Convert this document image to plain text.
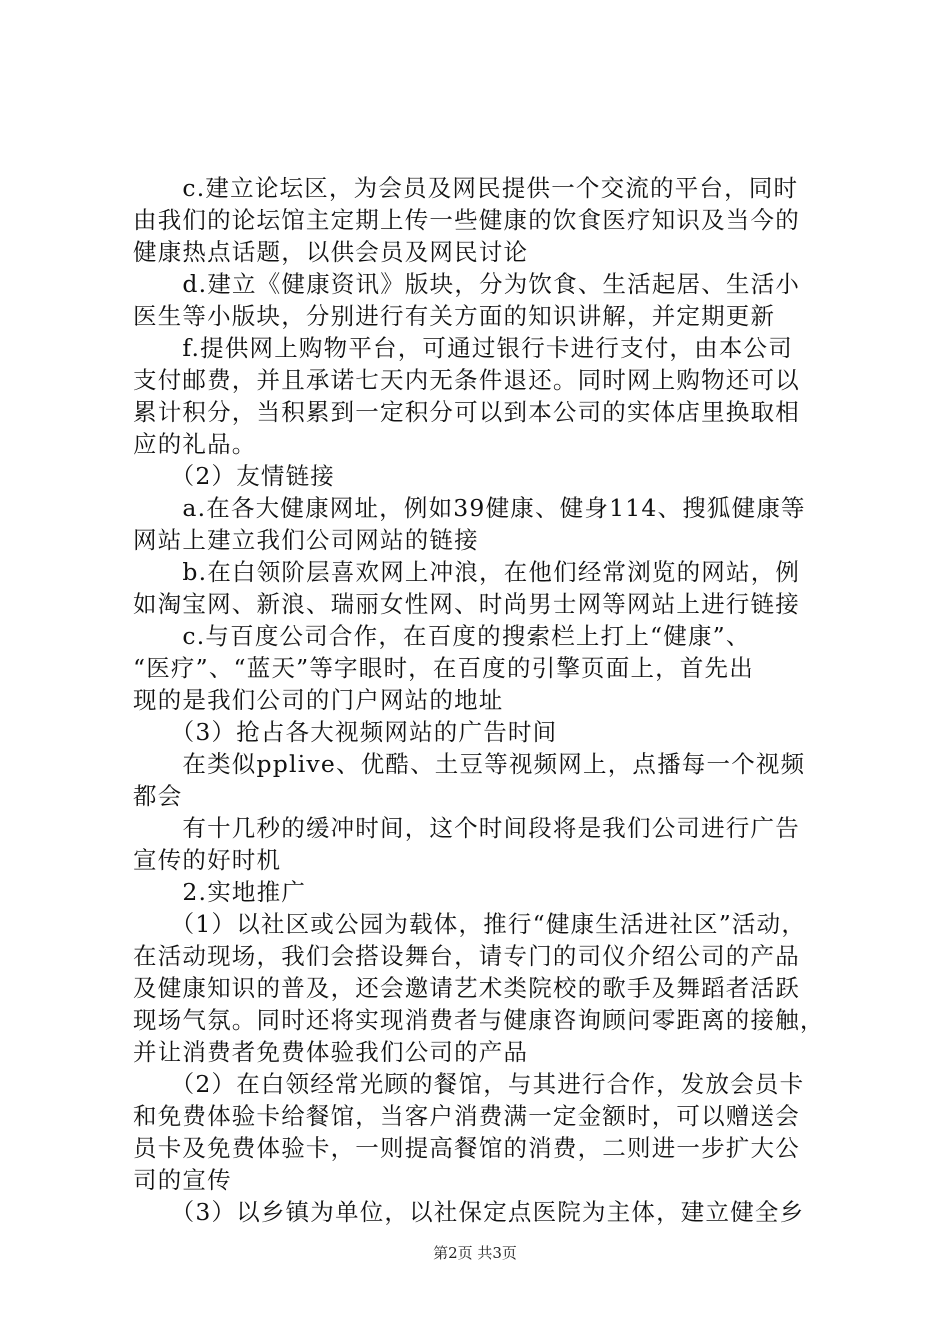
　　c.建立论坛区，为会员及网民提供一个交流的平台，同时
由我们的论坛馆主定期上传一些健康的饮食医疗知识及当今的
健康热点话题，以供会员及网民讨论
　　d.建立《健康资讯》版块，分为饮食、生活起居、生活小
医生等小版块，分别进行有关方面的知识讲解，并定期更新
　　f.提供网上购物平台，可通过银行卡进行支付，由本公司
支付邮费，并且承诺七天内无条件退还。同时网上购物还可以
累计积分，当积累到一定积分可以到本公司的实体店里换取相
应的礼品。
　　（2）友情链接
　　a.在各大健康网址，例如39健康、健身114、搜狐健康等
网站上建立我们公司网站的链接
　　b.在白领阶层喜欢网上冲浪，在他们经常浏览的网站，例
如淘宝网、新浪、瑞丽女性网、时尚男士网等网站上进行链接
　　c.与百度公司合作，在百度的搜索栏上打上“健康”、
“医疗”、“蓝天”等字眼时，在百度的引擎页面上，首先出
现的是我们公司的门户网站的地址
　　（3）抢占各大视频网站的广告时间
　　在类似pplive、优酷、土豆等视频网上，点播每一个视频
都会
　　有十几秒的缓冲时间，这个时间段将是我们公司进行广告
宣传的好时机
　　2.实地推广
　　（1）以社区或公园为载体，推行“健康生活进社区”活动，
在活动现场，我们会搭设舞台，请专门的司仪介绍公司的产品
及健康知识的普及，还会邀请艺术类院校的歌手及舞蹈者活跃
现场气氛。同时还将实现消费者与健康咨询顾问零距离的接触，
并让消费者免费体验我们公司的产品
　　（2）在白领经常光顾的餐馆，与其进行合作，发放会员卡
和免费体验卡给餐馆，当客户消费满一定金额时，可以赠送会
员卡及免费体验卡，一则提高餐馆的消费，二则进一步扩大公
司的宣传
　　（3）以乡镇为单位，以社保定点医院为主体，建立健全乡
第2页 共3页
